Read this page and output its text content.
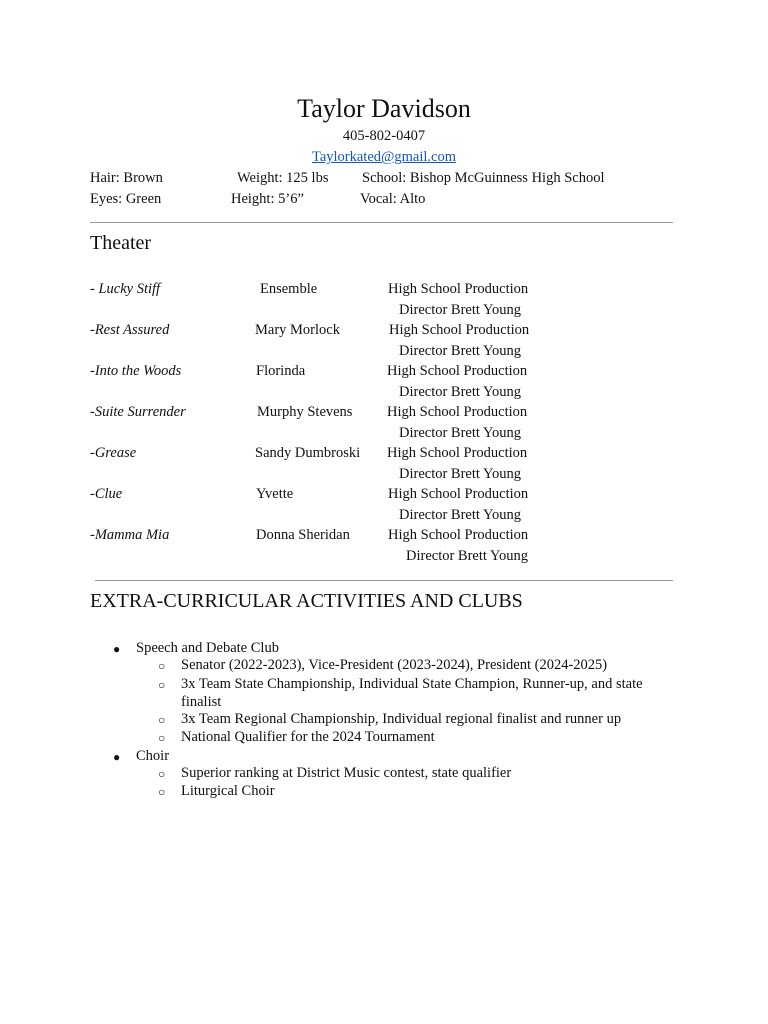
Taylor Davidson
405-802-0407
Taylorkated@gmail.com
Hair: Brown	Weight: 125 lbs School: Bishop McGuinness High School
Eyes: Green	Height: 5’6”	Vocal: Alto
Theater
- Lucky Stiff	Ensemble	High School Production
Director Brett Young
-Rest Assured	Mary Morlock	High School Production
Director Brett Young
-Into the Woods	Florinda	High School Production
Director Brett Young
-Suite Surrender	Murphy Stevens High School Production
Director Brett Young
-Grease	Sandy Dumbroski High School Production
Director Brett Young
-Clue	Yvette	High School Production
Director Brett Young
-Mamma Mia	Donna Sheridan	High School Production
Director Brett Young
EXTRA-CURRICULAR ACTIVITIES AND CLUBS
● Speech and Debate Club
○ Senator (2022-2023), Vice-President (2023-2024), President (2024-2025)
○ 3x Team State Championship, Individual State Champion, Runner-up, and state
finalist
○ 3x Team Regional Championship, Individual regional finalist and runner up
○ National Qualifier for the 2024 Tournament
● Choir
○ Superior ranking at District Music contest, state qualifier
○ Liturgical Choir
